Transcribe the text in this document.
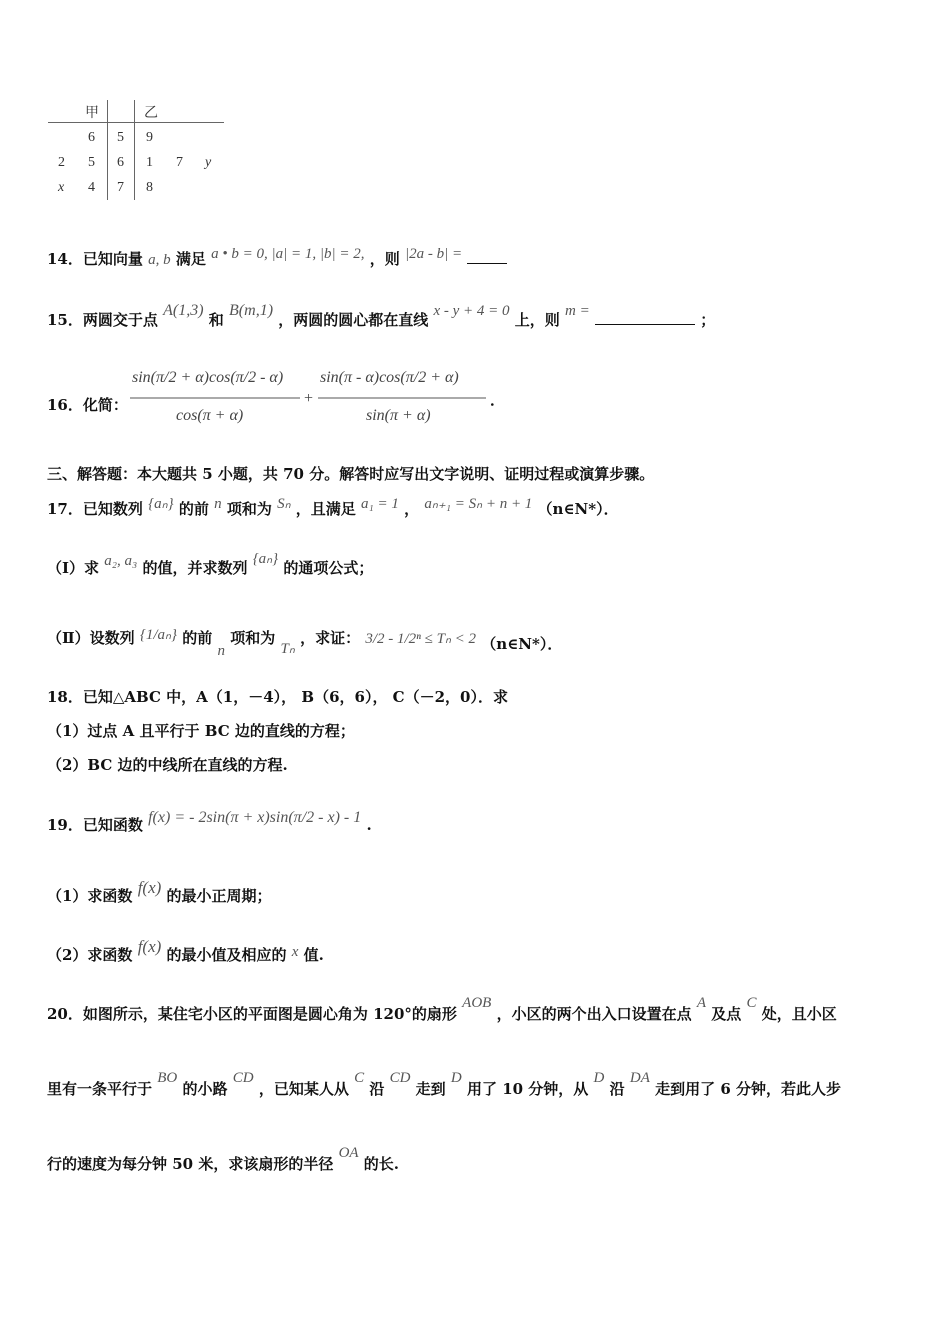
甲	乙
6 5 9
2 5 6 1 7 y
x 4 7 8
14．已知向量 a, b 满足 a • b = 0, |a| = 1, |b| = 2, ，则 |2a - b| =
15．两圆交于点 A(1,3) 和 B(m,1) ，两圆的圆心都在直线 x - y + 4 = 0 上，则 m =	；
16．化简：
sin(π/2 + α)cos(π/2 - α)
cos(π + α)
+
sin(π - α)cos(π/2 + α)
sin(π + α)
．
三、解答题：本大题共 5 小题，共 70 分。解答时应写出文字说明、证明过程或演算步骤。
17．已知数列 {aₙ} 的前 n 项和为 Sₙ ，且满足 a₁ = 1 ， aₙ₊₁ = Sₙ + n + 1 （n∈N*）．
（Ⅰ）求 a₂, a₃ 的值，并求数列 {aₙ} 的通项公式；
（Ⅱ）设数列 {1/aₙ} 的前 n 项和为 Tₙ ，求证： 3/2 - 1/2ⁿ ≤ Tₙ < 2 （n∈N*）．
18．已知△ABC 中，A（1，－4）， B（6，6）， C（－2，0）．求
（1）过点 A 且平行于 BC 边的直线的方程；
（2）BC 边的中线所在直线的方程.
19．已知函数 f(x) = - 2sin(π + x)sin(π/2 - x) - 1 .
（1）求函数 f(x) 的最小正周期；
（2）求函数 f(x) 的最小值及相应的 x 值.
20．如图所示，某住宅小区的平面图是圆心角为 120°的扇形 AOB ，小区的两个出入口设置在点 A 及点 C 处，且小区
里有一条平行于 BO 的小路 CD ，已知某人从 C 沿 CD 走到 D 用了 10 分钟，从 D 沿 DA 走到用了 6 分钟，若此人步
行的速度为每分钟 50 米，求该扇形的半径 OA 的长.
